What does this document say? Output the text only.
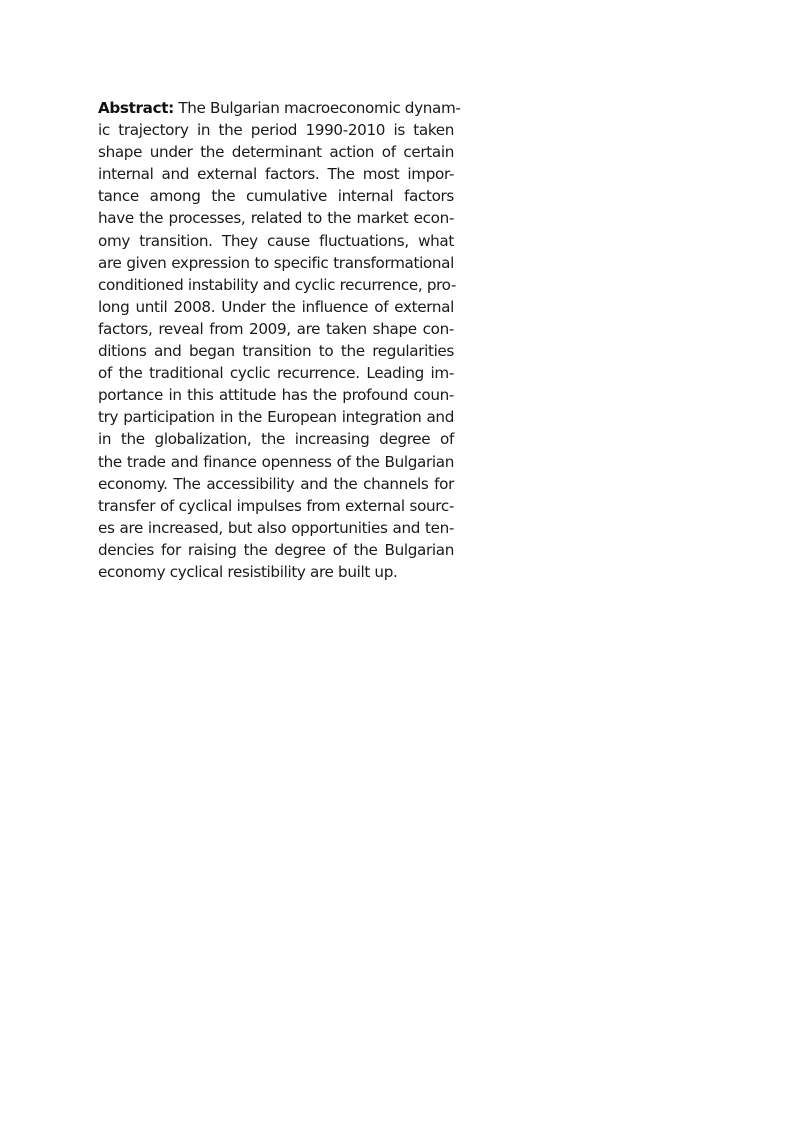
Abstract: The Bulgarian macroeconomic dynam-
ic trajectory in the period 1990-2010 is taken
shape under the determinant action of certain
internal and external factors. The most impor-
tance among the cumulative internal factors
have the processes, related to the market econ-
omy transition. They cause fluctuations, what
are given expression to specific transformational
conditioned instability and cyclic recurrence, pro-
long until 2008. Under the influence of external
factors, reveal from 2009, are taken shape con-
ditions and began transition to the regularities
of the traditional cyclic recurrence. Leading im-
portance in this attitude has the profound coun-
try participation in the European integration and
in the globalization, the increasing degree of
the trade and finance openness of the Bulgarian
economy. The accessibility and the channels for
transfer of cyclical impulses from external sourc-
es are increased, but also opportunities and ten-
dencies for raising the degree of the Bulgarian
economy cyclical resistibility are built up.
